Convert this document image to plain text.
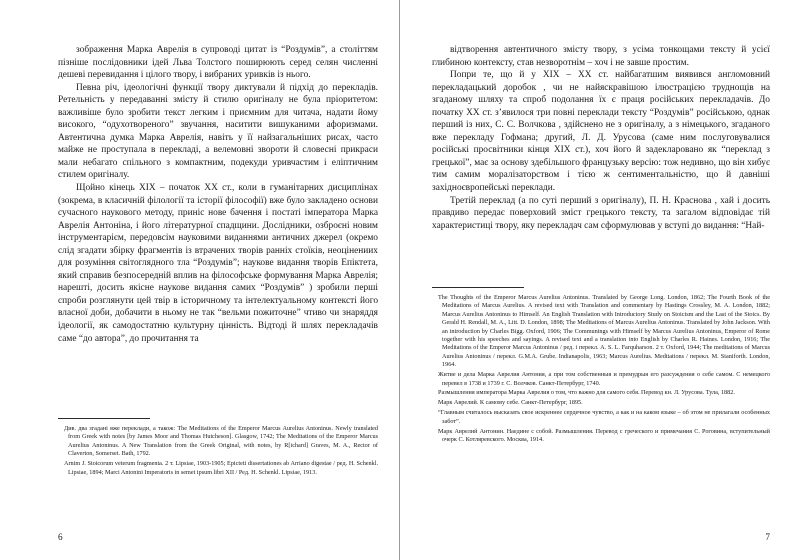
зображення Марка Аврелія в супроводі цитат із “Роздумів”, а століттям пізніше послідовники ідей Льва Толстого поширюють серед селян численні дешеві перевидання і цілого твору, і вибраних уривків із нього.

Певна річ, ідеологічні функції твору диктували й підхід до перекладів. Ретельність у передаванні змісту й стилю оригіналу не була пріоритетом: важливіше було зробити текст легким і приємним для читача, надати йому високого, “одухотвореного” звучання, наситити вишуканими афоризмами. Автентична думка Марка Аврелія, навіть у її найзагальніших рисах, часто майже не проступала в перекладі, а велемовні звороти й словесні прикраси мали небагато спільного з компактним, подекуди уривчастим і еліптичним стилем оригіналу.

Щойно кінець XIX – початок XX ст., коли в гуманітарних дисциплінах (зокрема, в класичній філології та історії філософії) вже було закладено основи сучасного наукового методу, приніс нове бачення і постаті імператора Марка Аврелія Антоніна, і його літературної спадщини. Дослідники, озброєні новим інструментарієм, передовсім науковими виданнями античних джерел (окремо слід згадати збірку фрагментів із втрачених творів ранніх стоїків, неоцінениих для розуміння світоглядного тла “Роздумів”; наукове видання творів Епіктета, який справив безпосередній вплив на філософське формування Марка Аврелія; нарешті, досить якісне наукове видання самих “Роздумів” ) зробили перші спроби розглянути цей твір в історичному та інтелектуальному контексті його власної доби, добачити в ньому не так “вельми пожиточне” чтиво чи знаряддя ідеології, як самодостатню культурну цінність. Відтоді й шлях перекладачів саме “до автора”, до прочитання та

Див. два згадані вже переклади, а також: The Meditations of the Emperor Marcus Aurelius Antoninus. Newly translated from Greek with notes [by James Moor and Thomas Hutcheson]. Glasgow, 1742; The Meditations of the Emperor Marcus Aurelius Antoninus. A New Translation from the Greek Original, with notes, by R[ichard] Graves, M. A., Rector of Claverton, Somerset. Bath, 1792.

Arnim J. Stoicorum veterum fragmenta. 2 т. Lipsiae, 1903-1905; Epicteti dissertationes ab Arriano digestae / ред. H. Schenkl. Lipsiae, 1894; Marci Antonini Imperatoris in semet ipsum libri XII / Ред. H. Schenkl. Lipsiae, 1913.

6

відтворення автентичного змісту твору, з усіма тонкощами тексту й усієї глибиною контексту, став незворотнім – хоч і не завше простим.

Попри те, що й у XIX – XX ст. найбагатшим виявився англомовний перекладацький доробок , чи не найяскравішою ілюстрацією труднощів на згаданому шляху та спроб подолання їх є праця російських перекладачів. До початку XX ст. з’явилося три повні переклади тексту “Роздумів” російською, однак перший із них, С. С. Волчкова , здійснено не з оригіналу, а з німецького, згаданого вже перекладу Гофмана; другий, Л. Д. Урусова (саме ним послуговувалися російські просвітники кінця XIX ст.), хоч його й задекларовано як “переклад з грецької”, має за основу здебільшого французьку версію: тож недивно, що він хибує тим самим моралізаторством і тією ж сентиментальністю, що й давніші західноєвропейські переклади.

Третій переклад (а по суті перший з оригіналу), П. Н. Краснова , хай і досить правдиво передає поверховий зміст грецького тексту, та загалом відповідає тій характеристиці твору, яку перекладач сам сформулював у вступі до видання: “Най-

The Thoughts of the Emperor Marcus Aurelius Antoninus. Translated by George Long. London, 1862; The Fourth Book of the Meditations of Marcus Aurelius. A revised text with Translation and commentary by Hastings Crossley, M. A. London, 1882; Marcus Aurelius Antoninus to Himself. An English Translation with Introductory Study on Stoicism and the Last of the Stoics. By Gerald H. Rendall, M. A., Litt. D. London, 1898; The Meditations of Marcus Aurelius Antoninus. Translated by John Jackson. With an introduction by Charles Bigg. Oxford, 1906; The Communings with Himself by Marcus Aurelius Antoninus, Emperor of Rome together with his speeches and sayings. A revised text and a translation into English by Charles R. Haines. London, 1916; The Meditations of the Emperor Marcus Antoninus / ред. і перекл. A. S. L. Farquharson. 2 т. Oxford, 1944; The meditations of Marcus Aurelius Antoninus / перекл. G.M.A. Grube. Indianapolis, 1963; Marcus Aurelius. Meditations / перекл. M. Staniforth. London, 1964.

Житие и дела Марка Аврелия Антония, а при том собственныя и премудрыя его разсуждения о себе самом. С немецкого перевел в 1738 и 1739 г. С. Волчков. Санкт-Петербург, 1740.

Размышления императора Марка Аврелия о том, что важно для самого себя. Перевод кн. Л. Урусова. Тула, 1882.

Марк Аврелий. К самому себе. Санкт-Петербург, 1895.

“Главным считалось высказать свое искреннее сердечное чувство, а как и на каком языке – об этом не прилагали особенных забот”.

Марк Аврелий Антонин. Наедине с собой. Размышления. Перевод с греческого и примечания С. Роговина, вступительный очерк С. Котляревского. Москва, 1914.

7
